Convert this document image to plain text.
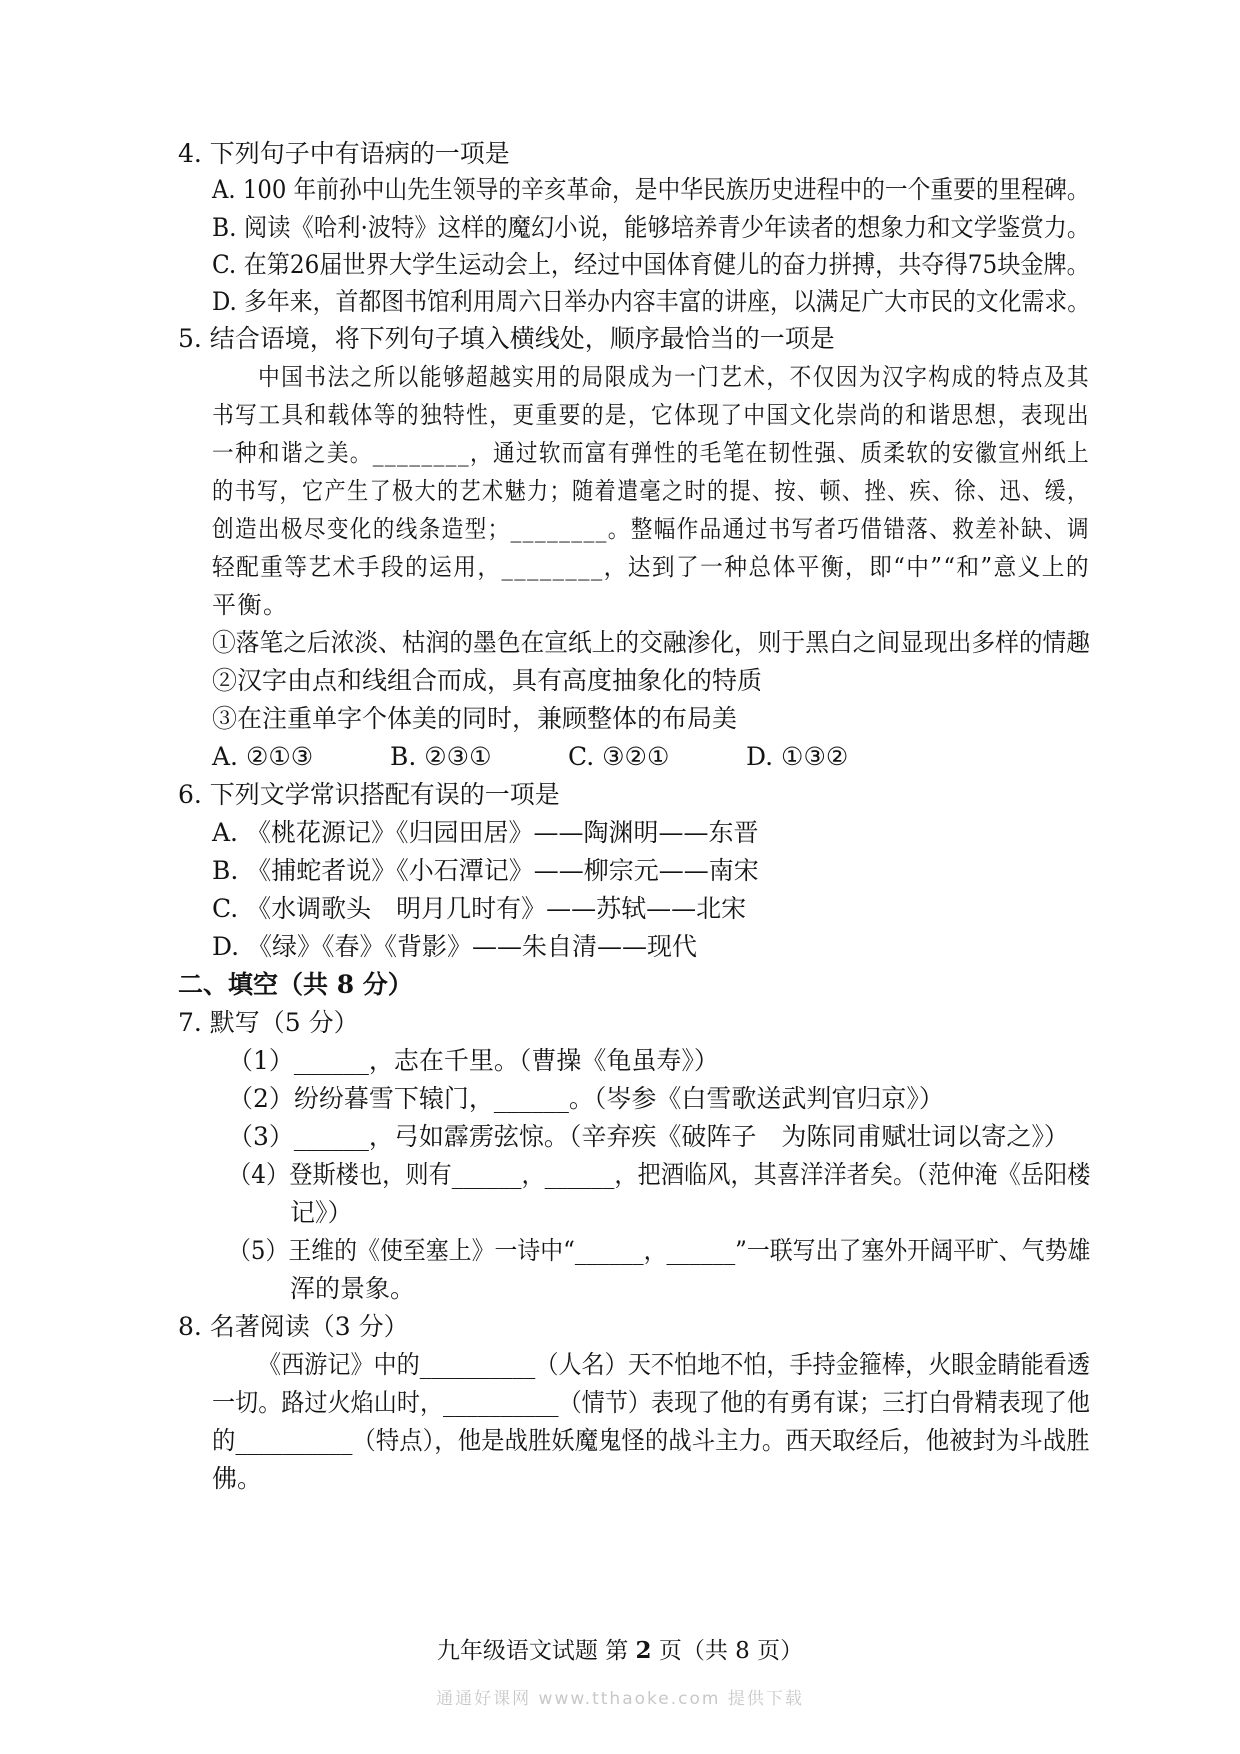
4. 下列句子中有语病的一项是
A. 100 年前孙中山先生领导的辛亥革命，是中华民族历史进程中的一个重要的里程碑。
B. 阅读《哈利·波特》这样的魔幻小说，能够培养青少年读者的想象力和文学鉴赏力。
C. 在第26届世界大学生运动会上，经过中国体育健儿的奋力拼搏，共夺得75块金牌。
D. 多年来，首都图书馆利用周六日举办内容丰富的讲座，以满足广大市民的文化需求。
5. 结合语境，将下列句子填入横线处，顺序最恰当的一项是
中国书法之所以能够超越实用的局限成为一门艺术，不仅因为汉字构成的特点及其
书写工具和载体等的独特性，更重要的是，它体现了中国文化崇尚的和谐思想，表现出
一种和谐之美。________，通过软而富有弹性的毛笔在韧性强、质柔软的安徽宣州纸上
的书写，它产生了极大的艺术魅力；随着遣毫之时的提、按、顿、挫、疾、徐、迅、缓，
创造出极尽变化的线条造型；________。整幅作品通过书写者巧借错落、救差补缺、调
轻配重等艺术手段的运用，________，达到了一种总体平衡，即“中”“和”意义上的
平衡。
①落笔之后浓淡、枯润的墨色在宣纸上的交融渗化，则于黑白之间显现出多样的情趣
②汉字由点和线组合而成，具有高度抽象化的特质
③在注重单字个体美的同时，兼顾整体的布局美
A. ②①③	B. ②③①	C. ③②①	D. ①③②
6. 下列文学常识搭配有误的一项是
A. 《桃花源记》《归园田居》——陶渊明——东晋
B. 《捕蛇者说》《小石潭记》——柳宗元——南宋
C. 《水调歌头　明月几时有》——苏轼——北宋
D. 《绿》《春》《背影》——朱自清——现代
二、填空（共 8 分）
7. 默写（5 分）
（1）______，志在千里。（曹操《龟虽寿》）
（2）纷纷暮雪下辕门，______。（岑参《白雪歌送武判官归京》）
（3）______，弓如霹雳弦惊。（辛弃疾《破阵子　为陈同甫赋壮词以寄之》）
（4）登斯楼也，则有______，______，把酒临风，其喜洋洋者矣。（范仲淹《岳阳楼
记》）
（5）王维的《使至塞上》一诗中“______，______”一联写出了塞外开阔平旷、气势雄
浑的景象。
8. 名著阅读（3 分）
《西游记》中的__________（人名）天不怕地不怕，手持金箍棒，火眼金睛能看透
一切。路过火焰山时，__________（情节）表现了他的有勇有谋；三打白骨精表现了他
的__________（特点），他是战胜妖魔鬼怪的战斗主力。西天取经后，他被封为斗战胜
佛。
九年级语文试题 第 2 页（共 8 页）
通通好课网 www.tthaoke.com 提供下载
